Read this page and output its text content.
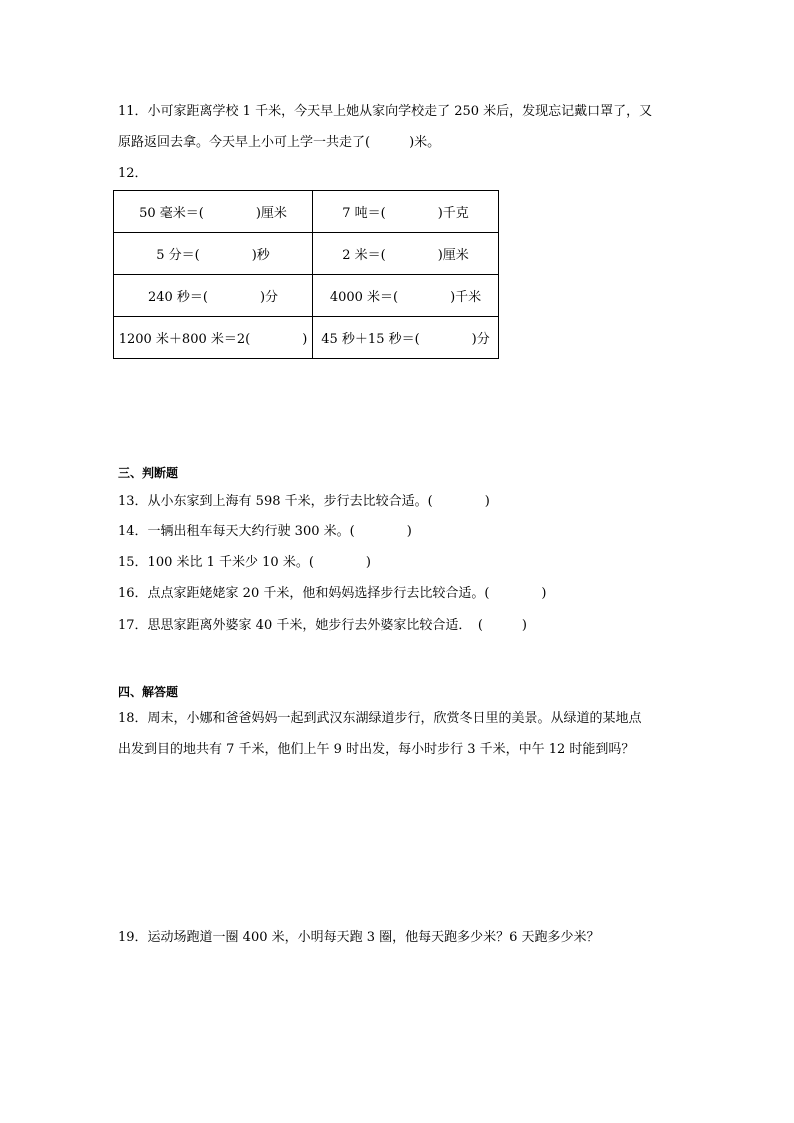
11．小可家距离学校 1 千米，今天早上她从家向学校走了 250 米后，发现忘记戴口罩了，又
原路返回去拿。今天早上小可上学一共走了(　　　)米。
12．
50 毫米＝(　　　　)厘米	7 吨＝(　　　　)千克
5 分＝(　　　　)秒	2 米＝(　　　　)厘米
240 秒＝(　　　　)分	4000 米＝(　　　　)千米
1200 米＋800 米＝2(　　　　)	45 秒＋15 秒＝(　　　　)分
三、判断题
13．从小东家到上海有 598 千米，步行去比较合适。(　　　　)
14．一辆出租车每天大约行驶 300 米。(　　　　)
15．100 米比 1 千米少 10 米。(　　　　)
16．点点家距姥姥家 20 千米，他和妈妈选择步行去比较合适。(　　　　)
17．思思家距离外婆家 40 千米，她步行去外婆家比较合适．　(　　　)
四、解答题
18．周末，小娜和爸爸妈妈一起到武汉东湖绿道步行，欣赏冬日里的美景。从绿道的某地点
出发到目的地共有 7 千米，他们上午 9 时出发，每小时步行 3 千米，中午 12 时能到吗？
19．运动场跑道一圈 400 米，小明每天跑 3 圈，他每天跑多少米？6 天跑多少米？
